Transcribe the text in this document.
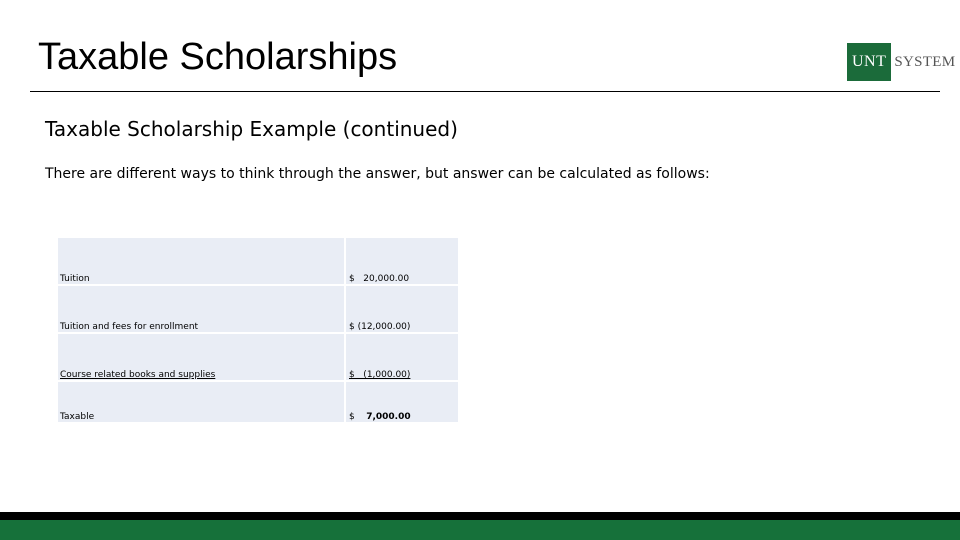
Taxable Scholarships	UNT SYSTEM
Taxable Scholarship Example (continued)
There are different ways to think through the answer, but answer can be calculated as follows:
Tuition	$   20,000.00
Tuition and fees for enrollment	$ (12,000.00)
Course related books and supplies	$   (1,000.00)
Taxable	$ 7,000.00
